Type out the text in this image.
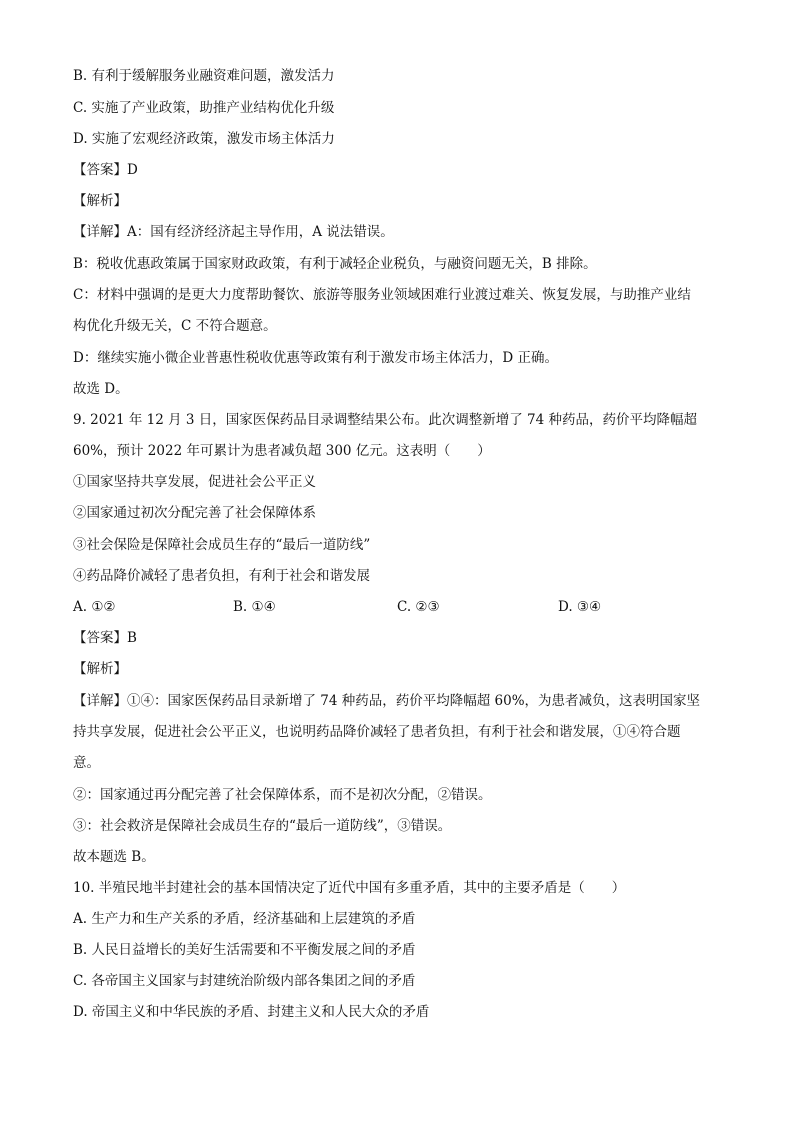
B. 有利于缓解服务业融资难问题，激发活力
C. 实施了产业政策，助推产业结构优化升级
D. 实施了宏观经济政策，激发市场主体活力
【答案】D
【解析】
【详解】A：国有经济经济起主导作用，A 说法错误。
B：税收优惠政策属于国家财政政策，有利于减轻企业税负，与融资问题无关，B 排除。
C：材料中强调的是更大力度帮助餐饮、旅游等服务业领域困难行业渡过难关、恢复发展，与助推产业结
构优化升级无关，C 不符合题意。
D：继续实施小微企业普惠性税收优惠等政策有利于激发市场主体活力，D 正确。
故选 D。
9. 2021 年 12 月 3 日，国家医保药品目录调整结果公布。此次调整新增了 74 种药品，药价平均降幅超
60%，预计 2022 年可累计为患者减负超 300 亿元。这表明（　　）
①国家坚持共享发展，促进社会公平正义
②国家通过初次分配完善了社会保障体系
③社会保险是保障社会成员生存的“最后一道防线”
④药品降价减轻了患者负担，有利于社会和谐发展
A. ①②	B. ①④	C. ②③	D. ③④
【答案】B
【解析】
【详解】①④：国家医保药品目录新增了 74 种药品，药价平均降幅超 60%，为患者减负，这表明国家坚
持共享发展，促进社会公平正义，也说明药品降价减轻了患者负担，有利于社会和谐发展，①④符合题
意。
②：国家通过再分配完善了社会保障体系，而不是初次分配，②错误。
③：社会救济是保障社会成员生存的“最后一道防线”，③错误。
故本题选 B。
10. 半殖民地半封建社会的基本国情决定了近代中国有多重矛盾，其中的主要矛盾是（　　）
A. 生产力和生产关系的矛盾，经济基础和上层建筑的矛盾
B. 人民日益增长的美好生活需要和不平衡发展之间的矛盾
C. 各帝国主义国家与封建统治阶级内部各集团之间的矛盾
D. 帝国主义和中华民族的矛盾、封建主义和人民大众的矛盾
